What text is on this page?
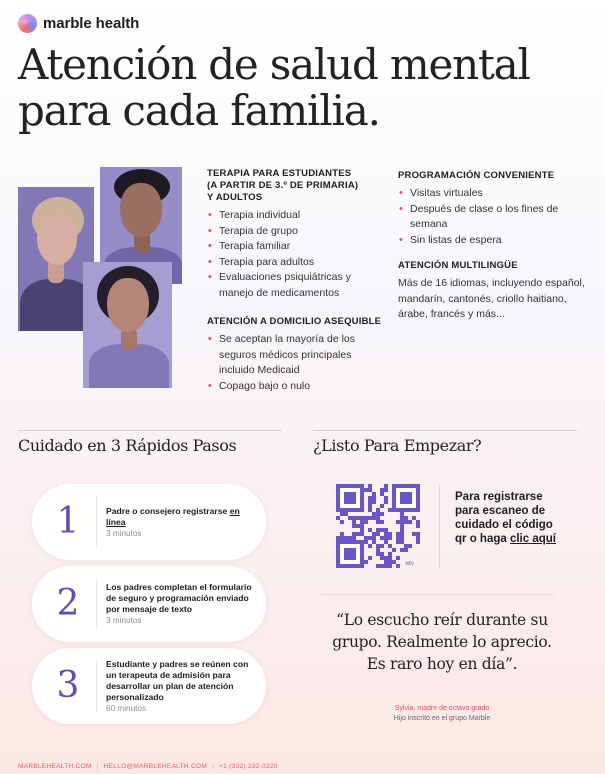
marble health
Atención de salud mental para cada familia.

TERAPIA PARA ESTUDIANTES
(A PARTIR DE 3.º DE PRIMARIA)
Y ADULTOS

• Terapia individual
• Terapia de grupo
• Terapia familiar
• Terapia para adultos
• Evaluaciones psiquiátricas y manejo de medicamentos

ATENCIÓN A DOMICILIO ASEQUIBLE

• Se aceptan la mayoría de los seguros médicos principales incluido Medicaid
• Copago bajo o nulo

PROGRAMACIÓN CONVENIENTE

• Visitas virtuales
• Después de clase o los fines de semana
• Sin listas de espera

ATENCIÓN MULTILINGÜE

Más de 16 idiomas, incluyendo español, mandarín, cantonés, criollo haitiano, árabe, francés y más...

Cuidado en 3 Rápidos Pasos	¿Listo Para Empezar?
1	Padre o consejero registrarse en línea
3 minutos
2	Los padres completan el formulario de seguro y programación enviado por mensaje de texto
3 minutos
3
Estudiante y padres se reúnen con un terapeuta de admisión para desarrollar un plan de atención personalizado
60 minutos
billy
Para registrarse para escaneo de cuidado el código qr o haga clic aquí

“Lo escucho reír durante su grupo. Realmente lo aprecio. Es raro hoy en día”.

Sylvia, madre de octavo grado
Hijo inscrito en el grupo Marble
MARBLEHEALTH.COM | HELLO@MARBLEHEALTH.COM | +1 (332) 232-0220
